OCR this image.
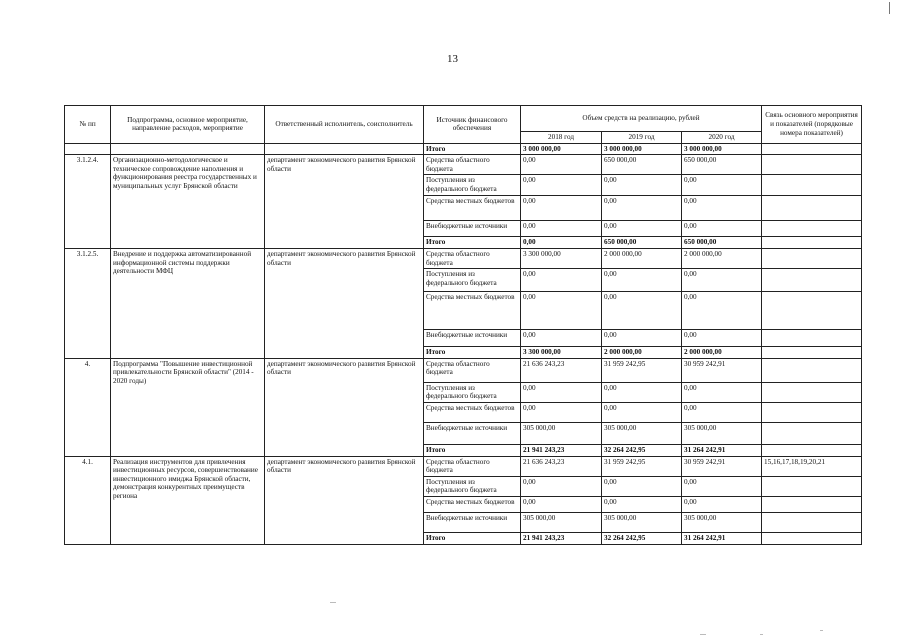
13
№ пп	Подпрограмма, основное мероприятие, направление расходов, мероприятие	Ответственный исполнитель, соисполнитель	Источник финансового обеспечения	Объем средств на реализацию, рублей			Связь основного мероприятия и показателей (порядковые номера показателей)
				2018 год	2019 год	2020 год	
			Итого	3 000 000,00	3 000 000,00	3 000 000,00	
3.1.2.4.	Организационно-методологическое и техническое сопровождение наполнения и функционирования реестра государственных и муниципальных услуг Брянской области	департамент экономического развития Брянской области	Средства областного бюджета	0,00	650 000,00	650 000,00	
			Поступления из федерального бюджета	0,00	0,00	0,00	
			Средства местных бюджетов	0,00	0,00	0,00	
			Внебюджетные источники	0,00	0,00	0,00	
			Итого	0,00	650 000,00	650 000,00	
3.1.2.5.	Внедрение и поддержка автоматизированной информационной системы поддержки деятельности МФЦ	департамент экономического развития Брянской области	Средства областного бюджета	3 300 000,00	2 000 000,00	2 000 000,00	
			Поступления из федерального бюджета	0,00	0,00	0,00	
			Средства местных бюджетов	0,00	0,00	0,00	
			Внебюджетные источники	0,00	0,00	0,00	
			Итого	3 300 000,00	2 000 000,00	2 000 000,00	
4.	Подпрограмма "Повышение инвестиционной привлекательности Брянской области" (2014 - 2020 годы)	департамент экономического развития Брянской области	Средства областного бюджета	21 636 243,23	31 959 242,95	30 959 242,91	
			Поступления из федерального бюджета	0,00	0,00	0,00	
			Средства местных бюджетов	0,00	0,00	0,00	
			Внебюджетные источники	305 000,00	305 000,00	305 000,00	
			Итого	21 941 243,23	32 264 242,95	31 264 242,91	
4.1.	Реализация инструментов для привлечения инвестиционных ресурсов, совершенствование инвестиционного имиджа Брянской области, демонстрация конкурентных преимуществ региона	департамент экономического развития Брянской области	Средства областного бюджета	21 636 243,23	31 959 242,95	30 959 242,91	15,16,17,18,19,20,21
			Поступления из федерального бюджета	0,00	0,00	0,00	
			Средства местных бюджетов	0,00	0,00	0,00	
			Внебюджетные источники	305 000,00	305 000,00	305 000,00	
			Итого	21 941 243,23	32 264 242,95	31 264 242,91	
